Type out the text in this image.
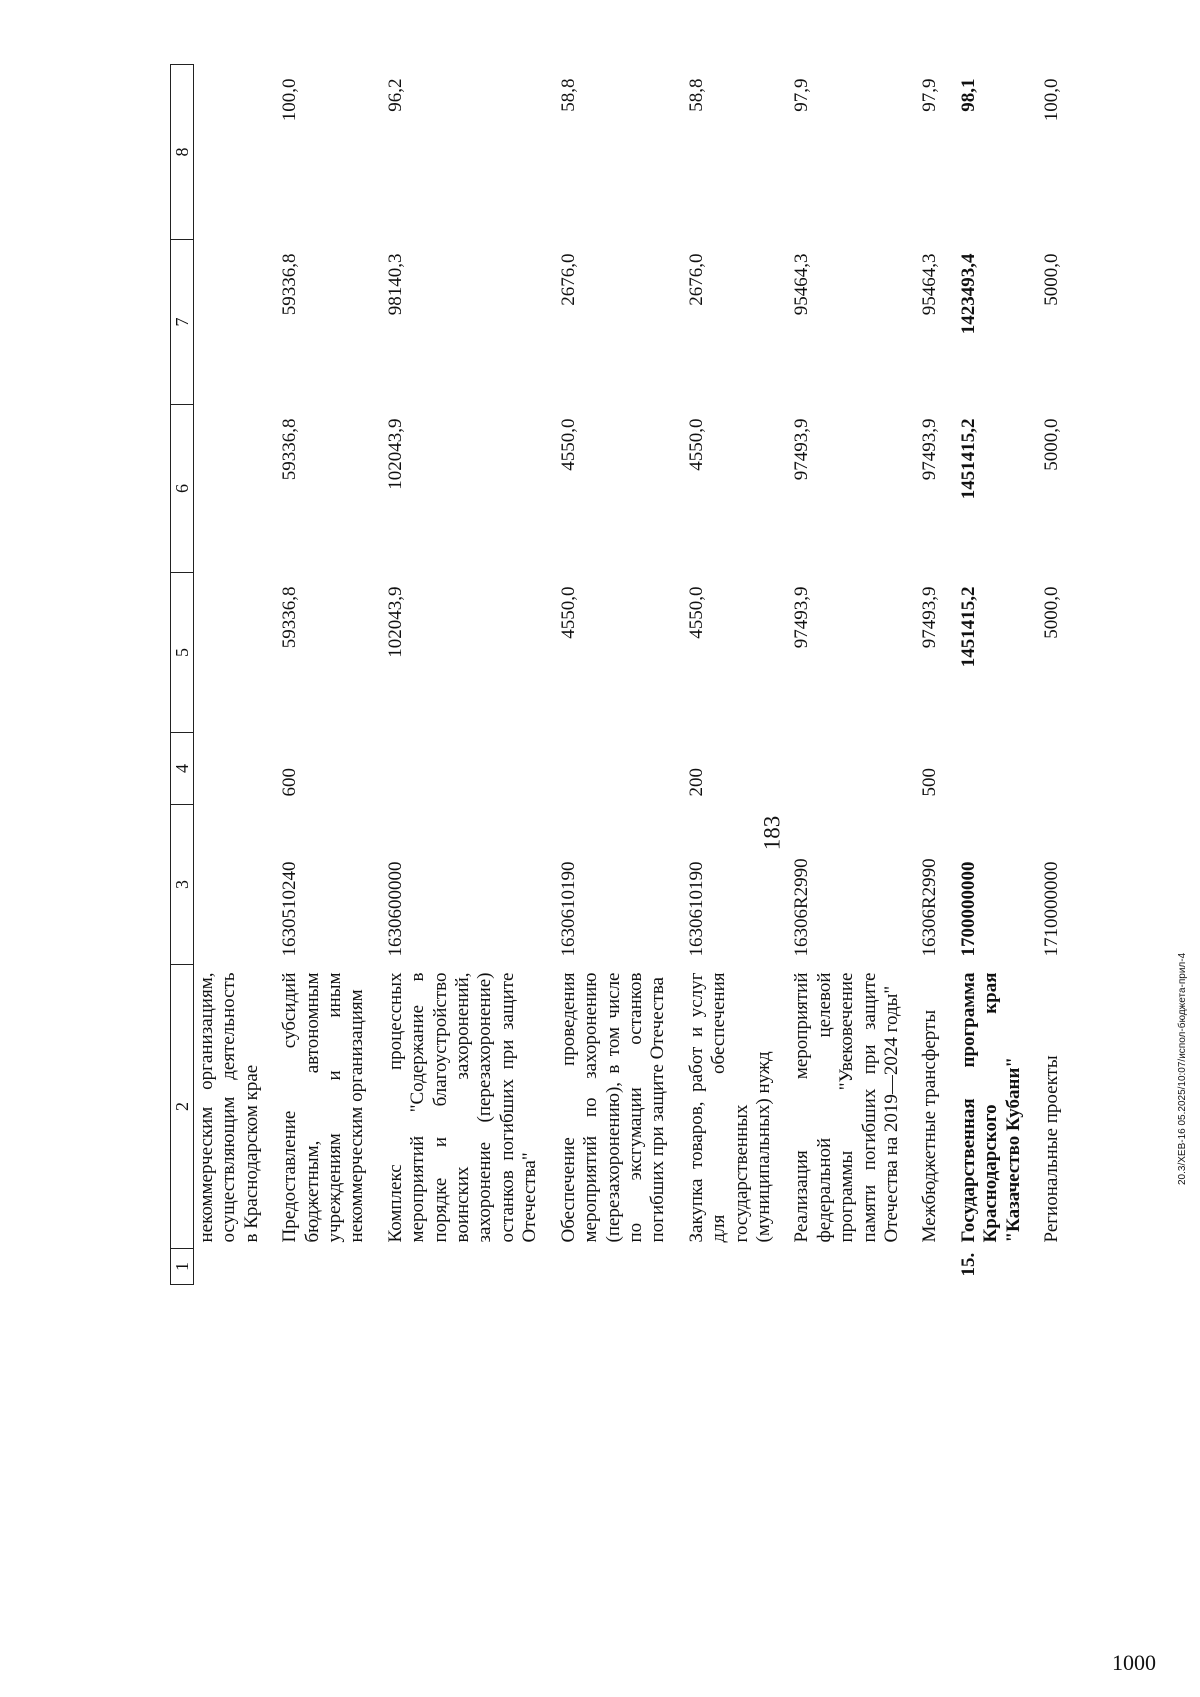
183
1	2	3	4	5	6	7	8
	некоммерческим организациям, осуществляющим деятельность в Краснодарском крае						
	Предоставление субсидий бюджетным, автономным учреждениям и иным некоммерческим организациям	1630510240	600	59336,8	59336,8	59336,8	100,0
	Комплекс процессных мероприятий "Содержание в порядке и благоустройство воинских захоронений, захоронение (перезахоронение) останков погибших при защите Отечества"	1630600000		102043,9	102043,9	98140,3	96,2
	Обеспечение проведения мероприятий по захоронению (перезахоронению), в том числе по эксгумации останков погибших при защите Отечества	1630610190		4550,0	4550,0	2676,0	58,8
	Закупка товаров, работ и услуг для обеспечения государственных (муниципальных) нужд	1630610190	200	4550,0	4550,0	2676,0	58,8
	Реализация мероприятий федеральной целевой программы "Увековечение памяти погибших при защите Отечества на 2019—2024 годы"	16306R2990		97493,9	97493,9	95464,3	97,9
	Межбюджетные трансферты	16306R2990	500	97493,9	97493,9	95464,3	97,9
15.	Государственная программа Краснодарского края "Казачество Кубани"	1700000000		1451415,2	1451415,2	1423493,4	98,1
	Региональные проекты	1710000000		5000,0	5000,0	5000,0	100,0
20.3/XEB-16 05.2025/10:07/испол-бюджета-прил-4
1000
